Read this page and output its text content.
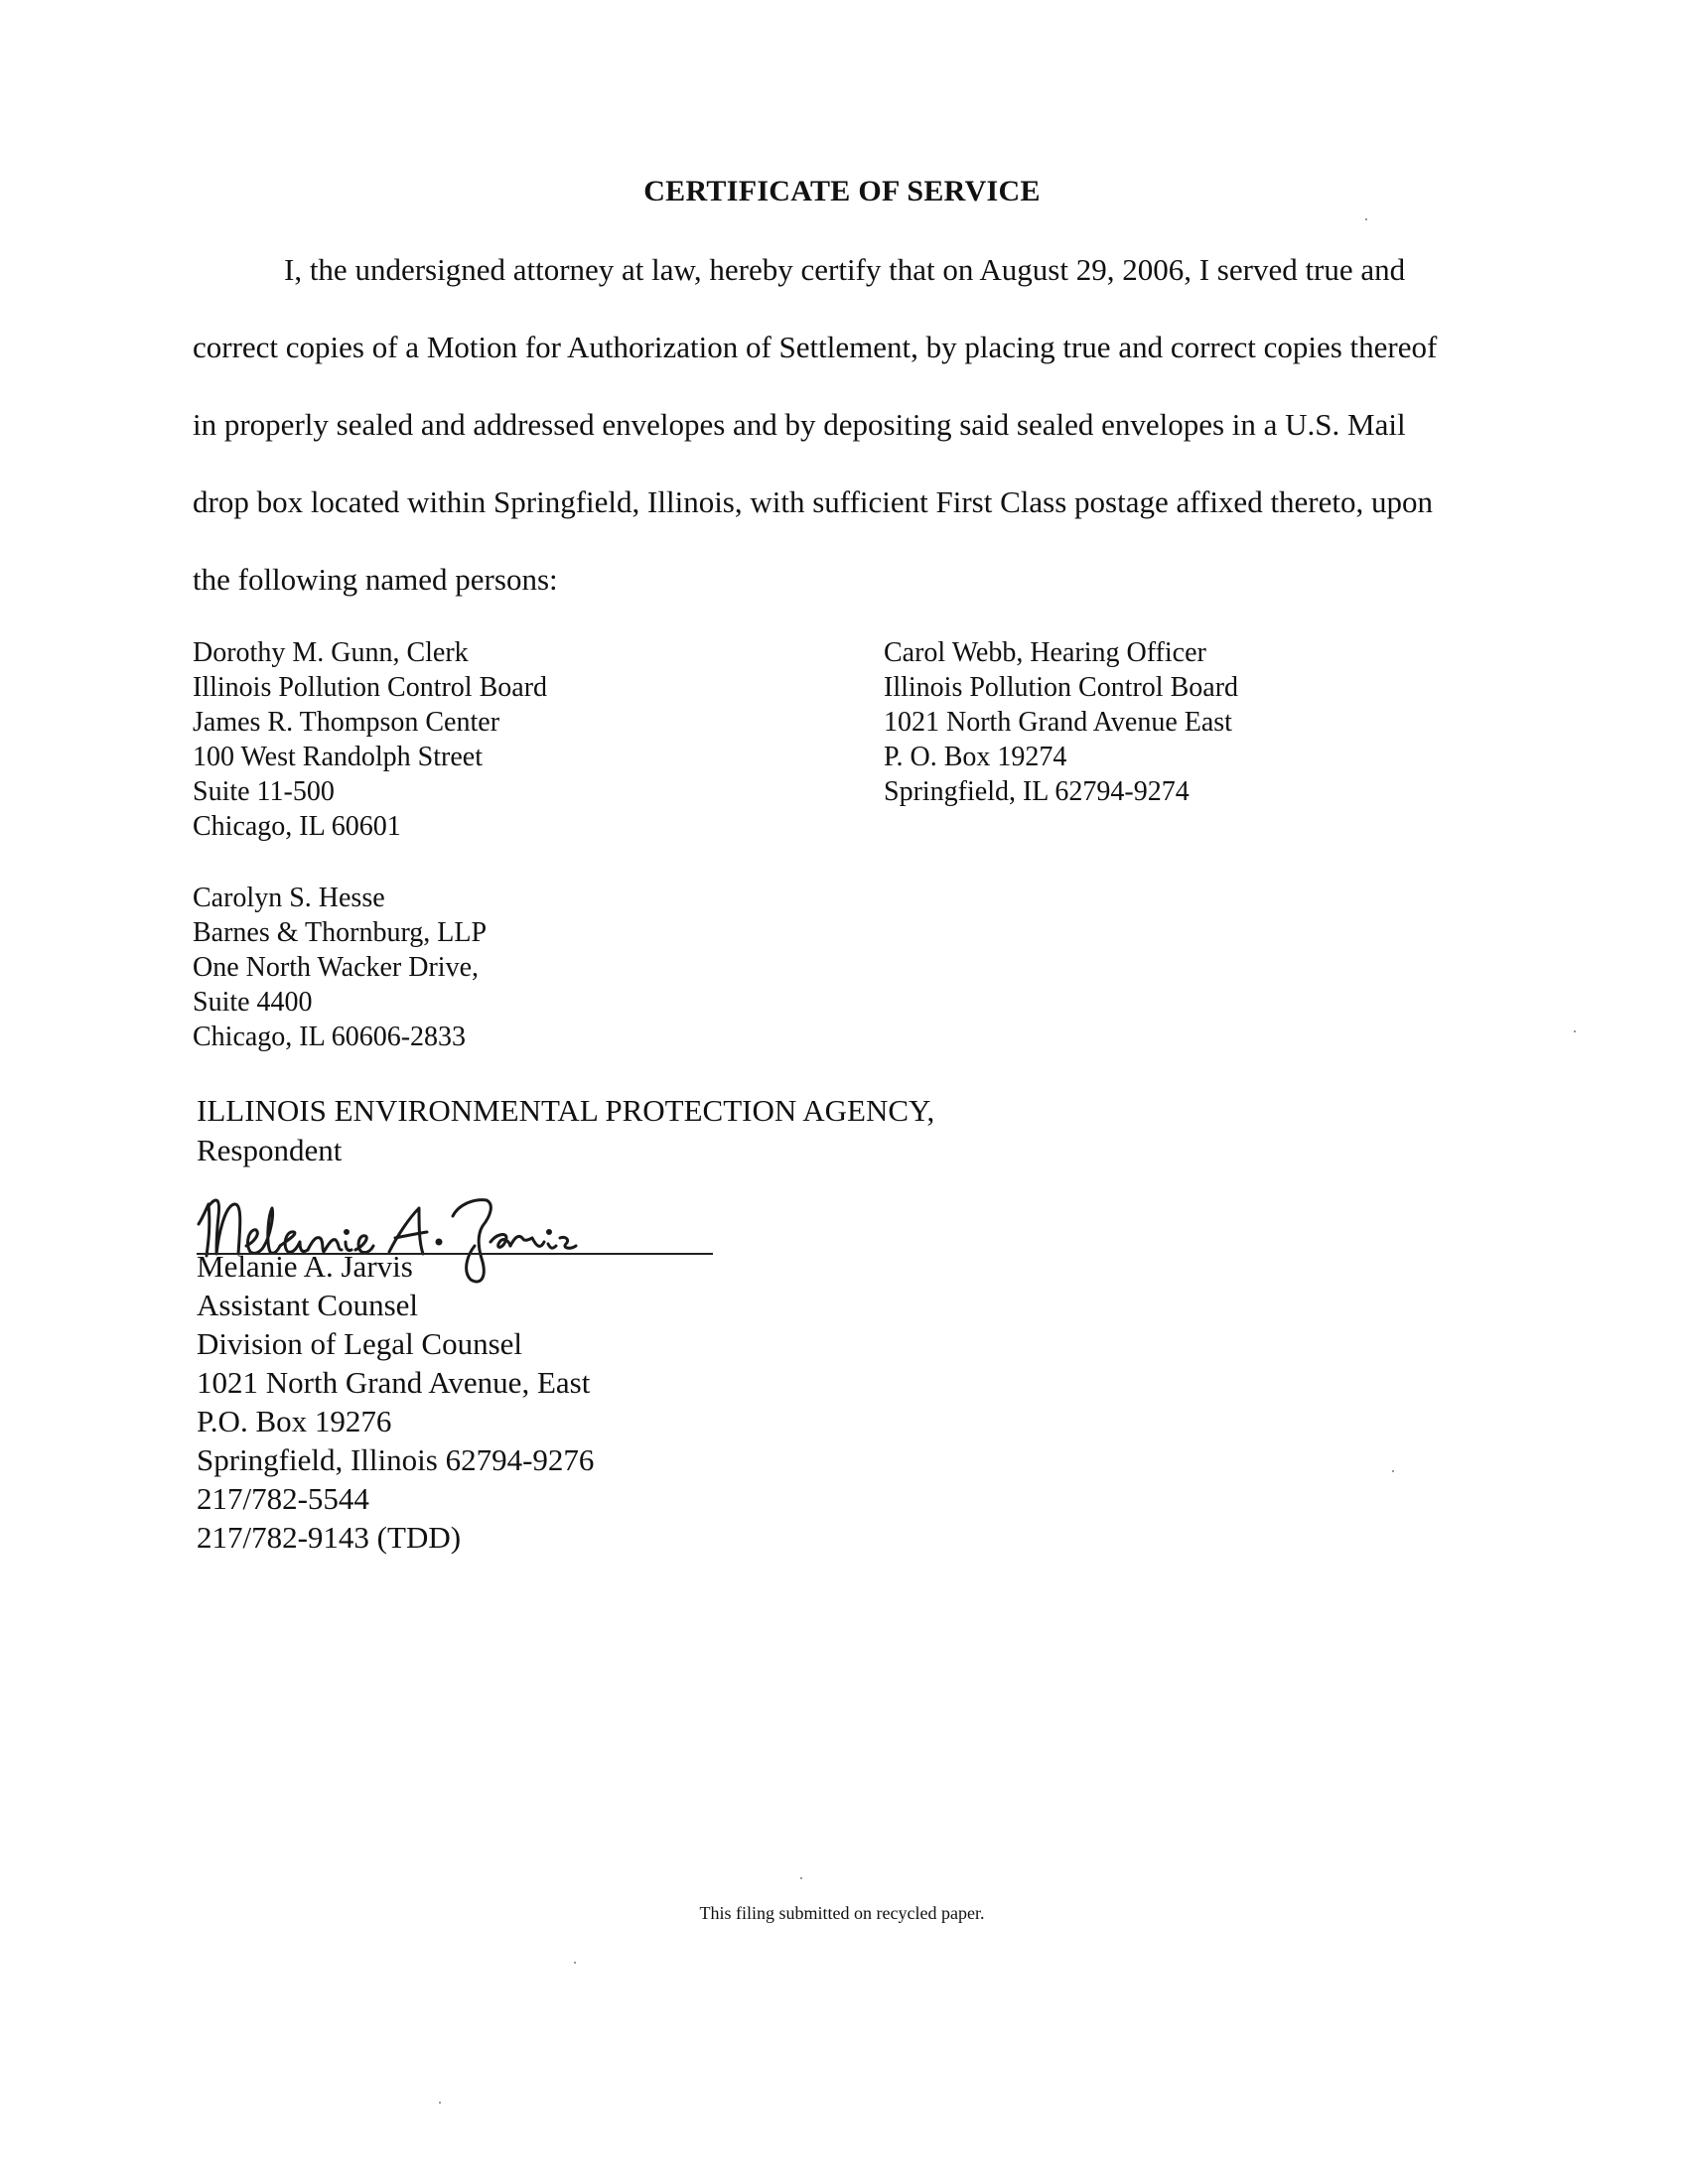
CERTIFICATE OF SERVICE
I, the undersigned attorney at law, hereby certify that on August 29, 2006, I served true and
correct copies of a Motion for Authorization of Settlement, by placing true and correct copies thereof
in properly sealed and addressed envelopes and by depositing said sealed envelopes in a U.S. Mail
drop box located within Springfield, Illinois, with sufficient First Class postage affixed thereto, upon
the following named persons:
Dorothy M. Gunn, Clerk
Illinois Pollution Control Board
James R. Thompson Center
100 West Randolph Street
Suite 11-500
Chicago, IL 60601
Carol Webb, Hearing Officer
Illinois Pollution Control Board
1021 North Grand Avenue East
P. O. Box 19274
Springfield, IL 62794-9274
Carolyn S. Hesse
Barnes & Thornburg, LLP
One North Wacker Drive,
Suite 4400
Chicago, IL 60606-2833
ILLINOIS ENVIRONMENTAL PROTECTION AGENCY,
Respondent
Melanie A. Jarvis
Assistant Counsel
Division of Legal Counsel
1021 North Grand Avenue, East
P.O. Box 19276
Springfield, Illinois 62794-9276
217/782-5544
217/782-9143 (TDD)
This filing submitted on recycled paper.
